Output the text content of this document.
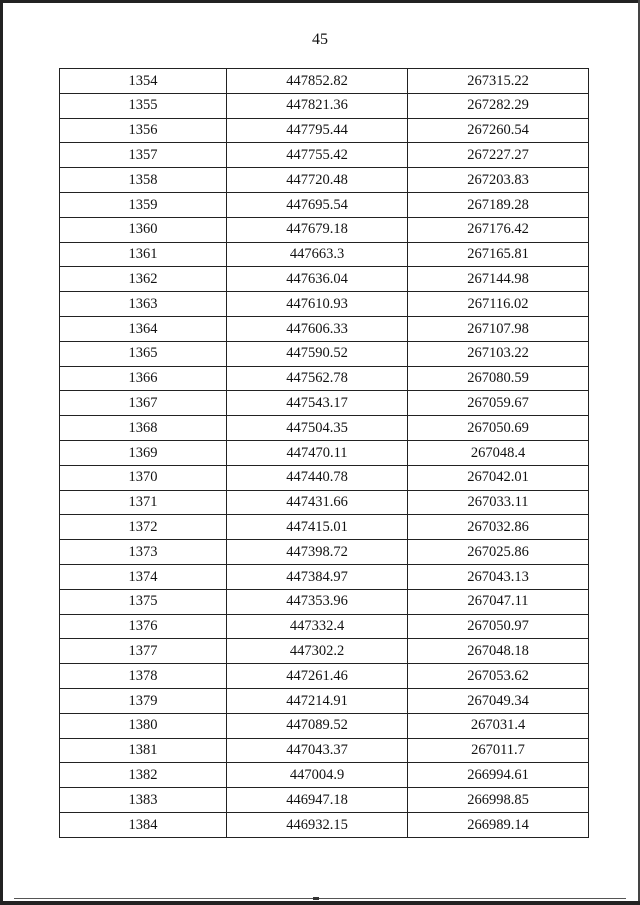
45
1354	447852.82	267315.22
1355	447821.36	267282.29
1356	447795.44	267260.54
1357	447755.42	267227.27
1358	447720.48	267203.83
1359	447695.54	267189.28
1360	447679.18	267176.42
1361	447663.3	267165.81
1362	447636.04	267144.98
1363	447610.93	267116.02
1364	447606.33	267107.98
1365	447590.52	267103.22
1366	447562.78	267080.59
1367	447543.17	267059.67
1368	447504.35	267050.69
1369	447470.11	267048.4
1370	447440.78	267042.01
1371	447431.66	267033.11
1372	447415.01	267032.86
1373	447398.72	267025.86
1374	447384.97	267043.13
1375	447353.96	267047.11
1376	447332.4	267050.97
1377	447302.2	267048.18
1378	447261.46	267053.62
1379	447214.91	267049.34
1380	447089.52	267031.4
1381	447043.37	267011.7
1382	447004.9	266994.61
1383	446947.18	266998.85
1384	446932.15	266989.14
